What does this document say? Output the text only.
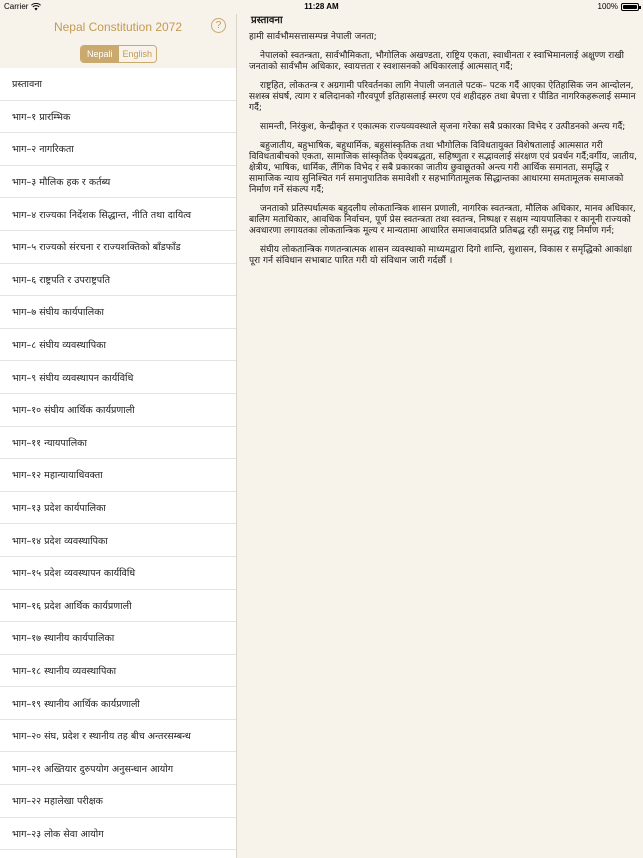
Carrier	11:28 AM	100%
Nepal Constitution 2072	?
Nepali	English
प्रस्तावना
भाग–१ प्रारम्भिक
भाग–२ नागरिकता
भाग–३ मौलिक हक र कर्तब्य
भाग–४ राज्यका निर्देशक सिद्धान्त, नीति तथा दायित्व
भाग–५ राज्यको संरचना र राज्यशक्तिको बाँडफाँड
भाग–६ राष्ट्रपति र उपराष्ट्रपति
भाग–७ संघीय कार्यपालिका
भाग–८ संघीय व्यवस्थापिका
भाग–९ संघीय व्यवस्थापन कार्यविधि
भाग–१० संघीय आर्थिक कार्यप्रणाली
भाग–११ न्यायपालिका
भाग–१२ महान्यायाधिवक्ता
भाग–१३ प्रदेश कार्यपालिका
भाग–१४ प्रदेश व्यवस्थापिका
भाग–१५ प्रदेश व्यवस्थापन कार्यविधि
भाग–१६ प्रदेश आर्थिक कार्यप्रणाली
भाग–१७ स्थानीय कार्यपालिका
भाग–१८ स्थानीय व्यवस्थापिका
भाग–१९ स्थानीय आर्थिक कार्यप्रणाली
भाग–२० संघ, प्रदेश र स्थानीय तह बीच अन्तरसम्बन्ध
भाग–२१ अख्तियार दुरुपयोग अनुसन्धान आयोग
भाग–२२ महालेखा परीक्षक
भाग–२३ लोक सेवा आयोग
प्रस्तावना

हामी सार्वभौमसत्तासम्पन्न नेपाली जनता;

नेपालको स्वतन्त्रता, सार्वभौमिकता, भौगोलिक अखण्डता, राष्ट्रिय एकता, स्वाधीनता र स्वाभिमानलाई अक्षुण्ण राखी जनताको सार्वभौम अधिकार, स्वायत्तता र स्वशासनको अधिकारलाई आत्मसात् गर्दै;

राष्ट्रहित, लोकतन्त्र र अग्रगामी परिवर्तनका लागि नेपाली जनताले पटक– पटक गर्दै आएका ऐतिहासिक जन आन्दोलन, सशस्त्र संघर्ष, त्याग र बलिदानको गौरवपूर्ण इतिहासलाई स्मरण एवं शहीदहरु तथा बेपत्ता र पीडित नागरिकहरूलाई सम्मान गर्दै;

सामन्ती, निरंकुश, केन्द्रीकृत र एकात्मक राज्यव्यवस्थाले सृजना गरेका सबै प्रकारका विभेद र उत्पीडनको अन्त्य गर्दै;

बहुजातीय, बहुभाषिक, बहुधार्मिक, बहुसांस्कृतिक तथा भौगोलिक विविधतायुक्त विशेषतालाई आत्मसात गरी विविधताबीचको एकता, सामाजिक सांस्कृतिक ऐक्यबद्धता, सहिष्णुता र सद्भावलाई संरक्षण एवं प्रवर्धन गर्दै;वर्गीय, जातीय, क्षेत्रीय, भाषिक, धार्मिक, लैंगिक विभेद र सबै प्रकारका जातीय छुवाछूतको अन्त्य गरी आर्थिक समानता, समृद्धि र सामाजिक न्याय सुनिश्चित गर्न समानुपातिक समावेशी र सहभागितामूलक सिद्धान्तका आधारमा समतामूलक समाजको निर्माण गर्ने संकल्प गर्दै;

जनताको प्रतिस्पर्धात्मक बहुदलीय लोकतान्त्रिक शासन प्रणाली, नागरिक स्वतन्त्रता, मौलिक अधिकार, मानव अधिकार, बालिग मताधिकार, आवधिक निर्वाचन, पूर्ण प्रेस स्वतन्त्रता तथा स्वतन्त्र, निष्पक्ष र सक्षम न्यायपालिका र कानूनी राज्यको अवधारणा लगायतका लोकतान्त्रिक मूल्य र मान्यतामा आधारित समाजवादप्रति प्रतिबद्ध रही समृद्ध राष्ट्र निर्माण गर्न;

संघीय लोकतान्त्रिक गणतन्त्रात्मक शासन व्यवस्थाको माध्यमद्वारा दिगो शान्ति, सुशासन, विकास र समृद्धिको आकांक्षा पूरा गर्न संविधान सभाबाट पारित गरी यो संविधान जारी गर्दछौं ।
